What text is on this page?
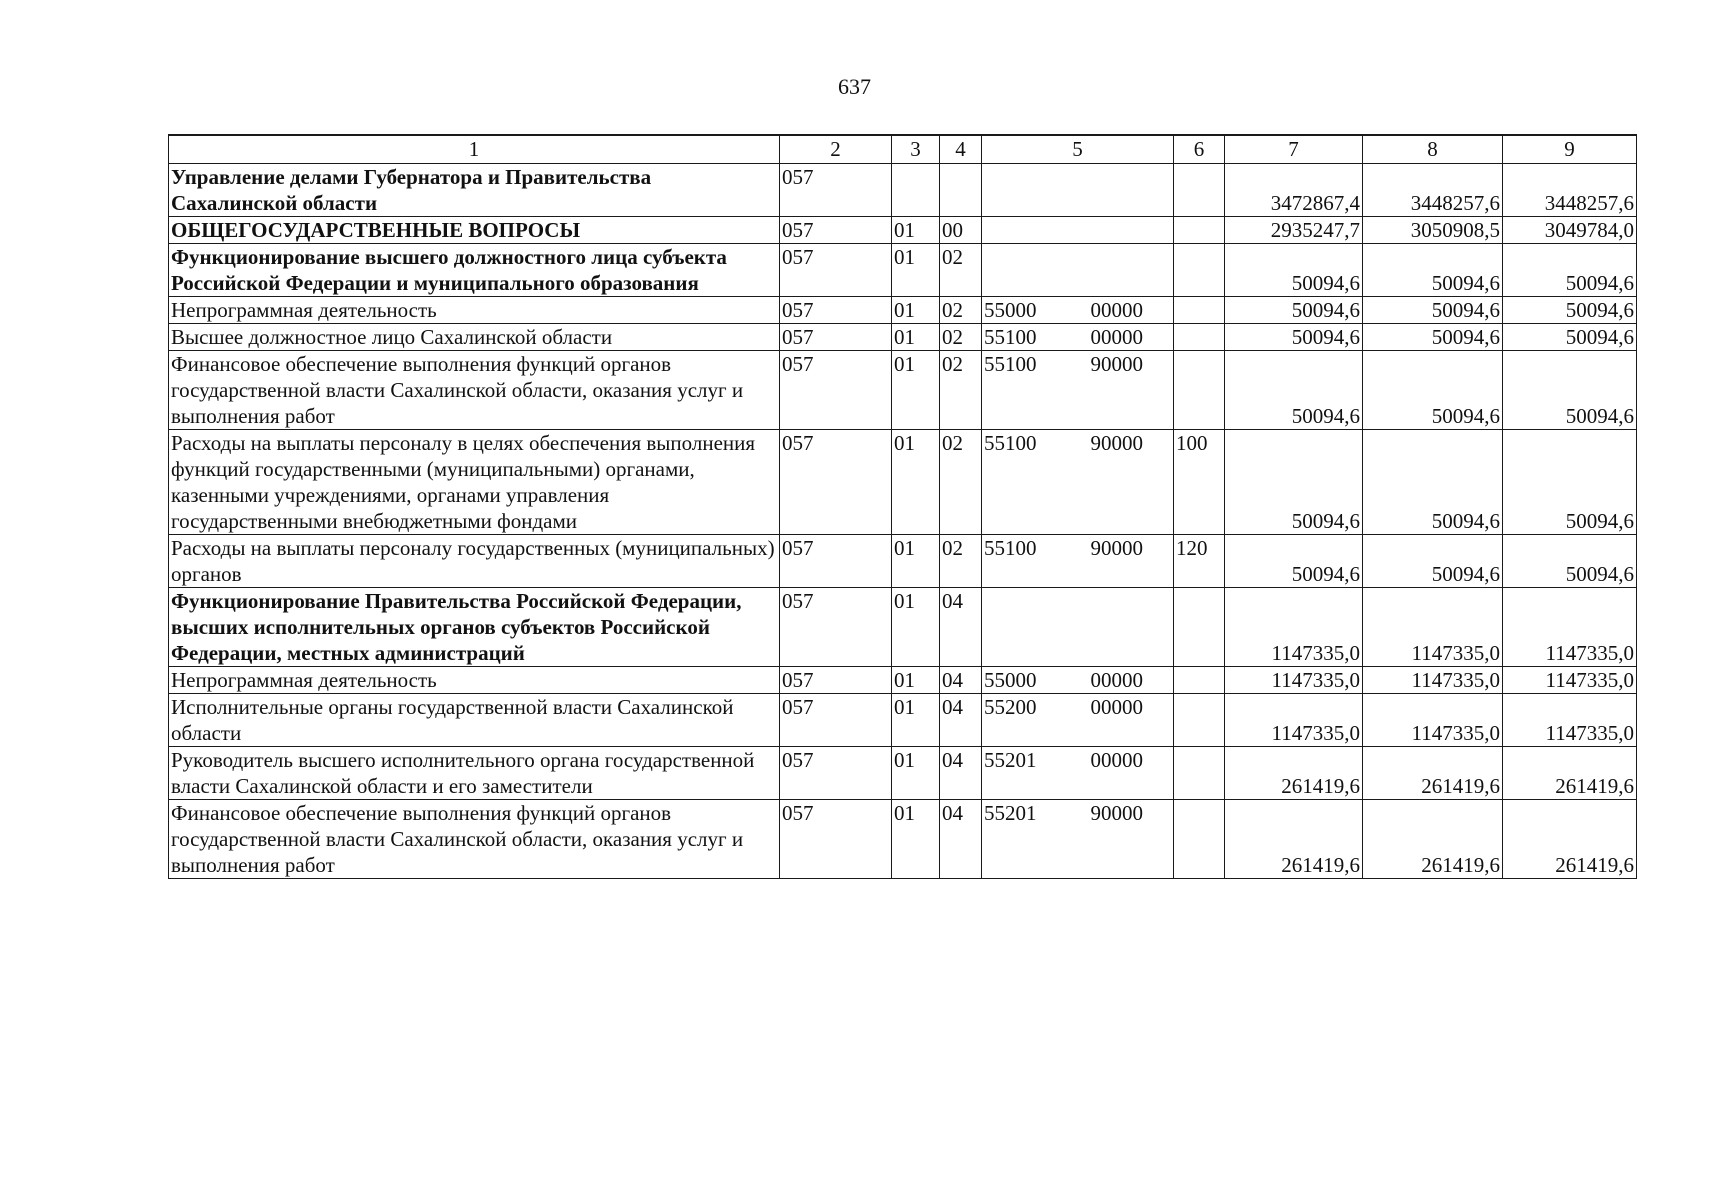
637
1	2	3	4	5	6	7	8	9
Управление делами Губернатора и Правительства Сахалинской области	057					3472867,4	3448257,6	3448257,6
ОБЩЕГОСУДАРСТВЕННЫЕ ВОПРОСЫ	057	01	00			2935247,7	3050908,5	3049784,0
Функционирование высшего должностного лица субъекта Российской Федерации и муниципального образования	057	01	02			50094,6	50094,6	50094,6
Непрограммная деятельность	057	01	02	55000 00000		50094,6	50094,6	50094,6
Высшее должностное лицо Сахалинской области	057	01	02	55100 00000		50094,6	50094,6	50094,6
Финансовое обеспечение выполнения функций органов государственной власти Сахалинской области, оказания услуг и выполнения работ	057	01	02	55100 90000		50094,6	50094,6	50094,6
Расходы на выплаты персоналу в целях обеспечения выполнения функций государственными (муниципальными) органами, казенными учреждениями, органами управления государственными внебюджетными фондами	057	01	02	55100 90000	100	50094,6	50094,6	50094,6
Расходы на выплаты персоналу государственных (муниципальных) органов	057	01	02	55100 90000	120	50094,6	50094,6	50094,6
Функционирование Правительства Российской Федерации, высших исполнительных органов субъектов Российской Федерации, местных администраций	057	01	04			1147335,0	1147335,0	1147335,0
Непрограммная деятельность	057	01	04	55000 00000		1147335,0	1147335,0	1147335,0
Исполнительные органы государственной власти Сахалинской области	057	01	04	55200 00000		1147335,0	1147335,0	1147335,0
Руководитель высшего исполнительного органа государственной власти Сахалинской области и его заместители	057	01	04	55201 00000		261419,6	261419,6	261419,6
Финансовое обеспечение выполнения функций органов государственной власти Сахалинской области, оказания услуг и выполнения работ	057	01	04	55201 90000		261419,6	261419,6	261419,6
